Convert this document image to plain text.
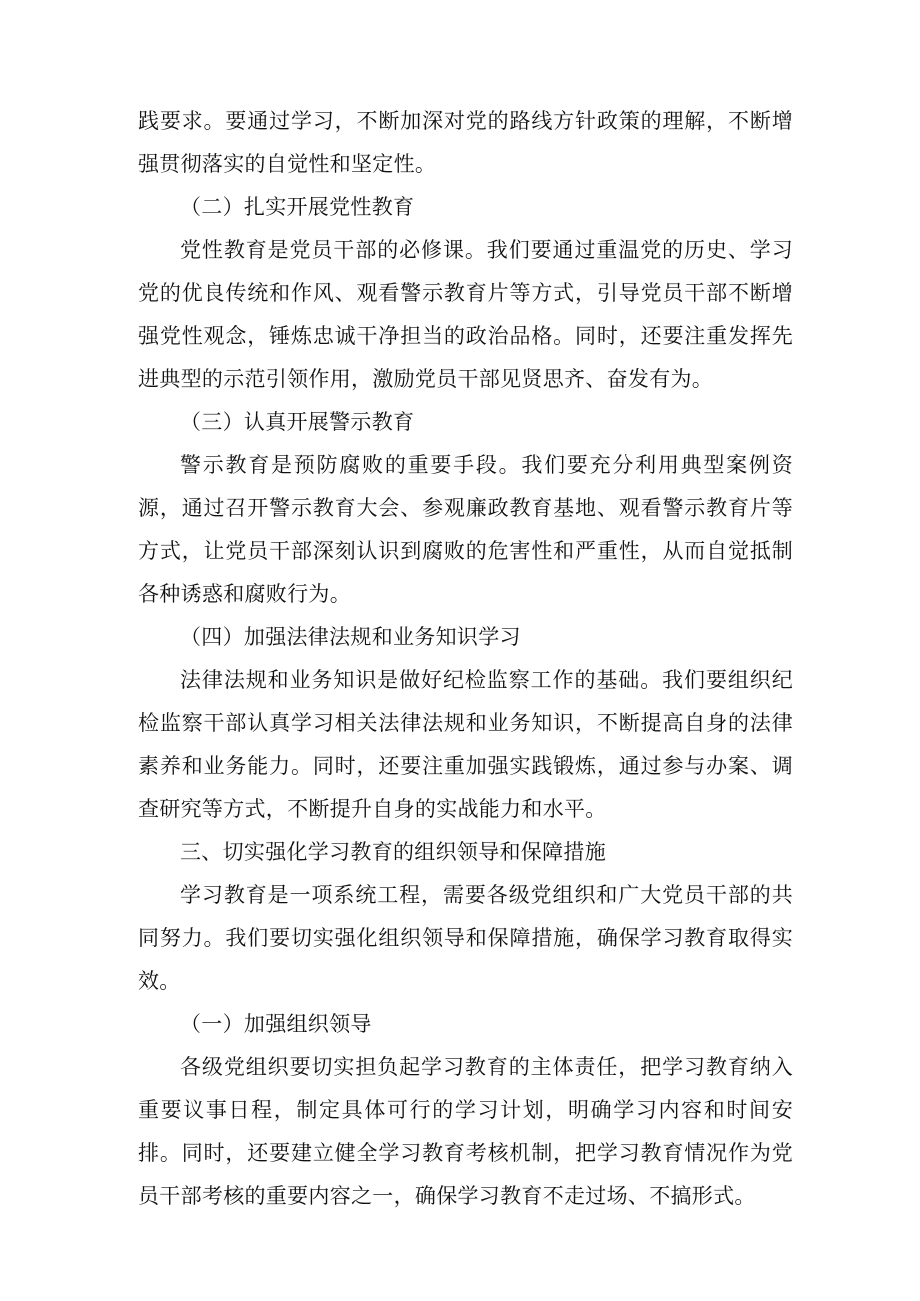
践要求。要通过学习，不断加深对党的路线方针政策的理解，不断增强贯彻落实的自觉性和坚定性。

（二）扎实开展党性教育

党性教育是党员干部的必修课。我们要通过重温党的历史、学习党的优良传统和作风、观看警示教育片等方式，引导党员干部不断增强党性观念，锤炼忠诚干净担当的政治品格。同时，还要注重发挥先进典型的示范引领作用，激励党员干部见贤思齐、奋发有为。

（三）认真开展警示教育

警示教育是预防腐败的重要手段。我们要充分利用典型案例资源，通过召开警示教育大会、参观廉政教育基地、观看警示教育片等方式，让党员干部深刻认识到腐败的危害性和严重性，从而自觉抵制各种诱惑和腐败行为。

（四）加强法律法规和业务知识学习

法律法规和业务知识是做好纪检监察工作的基础。我们要组织纪检监察干部认真学习相关法律法规和业务知识，不断提高自身的法律素养和业务能力。同时，还要注重加强实践锻炼，通过参与办案、调查研究等方式，不断提升自身的实战能力和水平。

三、切实强化学习教育的组织领导和保障措施

学习教育是一项系统工程，需要各级党组织和广大党员干部的共同努力。我们要切实强化组织领导和保障措施，确保学习教育取得实效。

（一）加强组织领导

各级党组织要切实担负起学习教育的主体责任，把学习教育纳入重要议事日程，制定具体可行的学习计划，明确学习内容和时间安排。同时，还要建立健全学习教育考核机制，把学习教育情况作为党员干部考核的重要内容之一，确保学习教育不走过场、不搞形式。
